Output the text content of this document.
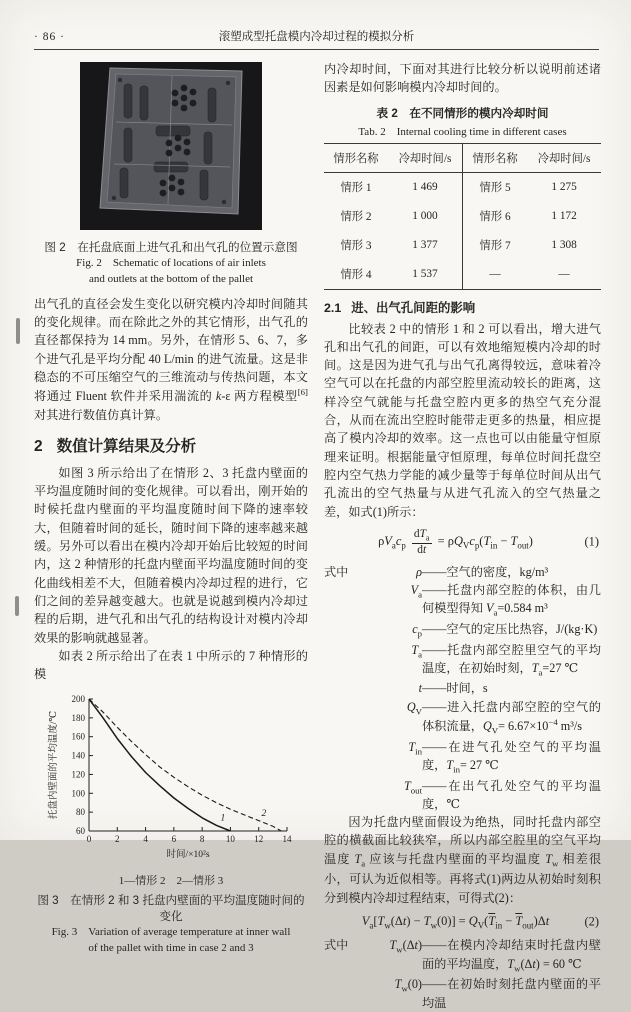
· 86 ·	滚塑成型托盘模内冷却过程的模拟分析

图 2　在托盘底面上进气孔和出气孔的位置示意图

Fig. 2　Schematic of locations of air inlets

and outlets at the bottom of the pallet

出气孔的直径会发生变化以研究模内冷却时间随其的变化规律。而在除此之外的其它情形，出气孔的直径都保持为 14 mm。另外，在情形 5、6、7，多个进气孔是平均分配 40 L/min 的进气流量。这是非稳态的不可压缩空气的三维流动与传热问题，本文将通过 Fluent 软件并采用湍流的 k-ε 两方程模型[6]对其进行数值仿真计算。

2 数值计算结果及分析

如图 3 所示给出了在情形 2、3 托盘内壁面的平均温度随时间的变化规律。可以看出，刚开始的时候托盘内壁面的平均温度随时间下降的速率较大，但随着时间的延长，随时间下降的速率越来越缓。另外可以看出在模内冷却开始后比较短的时间内，这 2 种情形的托盘内壁面平均温度随时间的变化曲线相差不大，但随着模内冷却过程的进行，它们之间的差异越变越大。也就是说越到模内冷却过程的后期，进气孔和出气孔的结构设计对模内冷却效果的影响就越显著。

如表 2 所示给出了在表 1 中所示的 7 种情形的模

60
80
100
120
140
160
180
200
0	2	4	6	8 10 12 14
1	2
时间/×10²s
托盘内壁面的平均温度/℃

1—情形 2　2—情形 3

图 3　在情形 2 和 3 托盘内壁面的平均温度随时间的变化

Fig. 3　Variation of average temperature at inner wall

of the pallet with time in case 2 and 3

内冷却时间，下面对其进行比较分析以说明前述诸因素是如何影响模内冷却时间的。

表 2　在不同情形的模内冷却时间

Tab. 2　Internal cooling time in different cases

情形名称	冷却时间/s	情形名称	冷却时间/s
情形 1	1 469	情形 5	1 275
情形 2	1 000	情形 6	1 172
情形 3	1 377	情形 7	1 308
情形 4	1 537	—	—
2.1 进、出气孔间距的影响

比较表 2 中的情形 1 和 2 可以看出，增大进气孔和出气孔的间距，可以有效地缩短模内冷却的时间。这是因为进气孔与出气孔离得较远，意味着冷空气可以在托盘的内部空腔里流动较长的距离，这样冷空气就能与托盘空腔内更多的热空气充分混合，从而在流出空腔时能带走更多的热量，相应提高了模内冷却的效率。这一点也可以由能量守恒原理来证明。根据能量守恒原理，每单位时间托盘空腔内空气热力学能的减少量等于每单位时间从出气孔流出的空气热量与从进气孔流入的空气热量之差，如式(1)所示：

$\rho V_ac_p \frac{dT_a}{dt} = \rho Q_Vc_p(T_{in} - T_{out})$	(1)
式中	ρ ——空气的密度，kg/m³
$V_a$ ——托盘内部空腔的体积，由几何模型得知 $V_a=0.584$ m³
$c_p$ ——空气的定压比热容，J/(kg·K)
$T_a$ ——托盘内部空腔里空气的平均温度，在初始时刻，$T_a=27$ ℃
t ——时间，s
$Q_V$ ——进入托盘内部空腔的空气的体积流量，$Q_V= 6.67\times 10^{-4}$ m³/s
$T_{in}$ ——在进气孔处空气的平均温度，$T_{in}= 27$ ℃
$T_{out}$ ——在出气孔处空气的平均温度，℃

因为托盘内壁面假设为绝热，同时托盘内部空腔的横截面比较狭窄，所以内部空腔里的空气平均温度 $T_a$ 应该与托盘内壁面的平均温度 $T_w$ 相差很小，可认为近似相等。再将式(1)两边从初始时刻积分到模内冷却过程结束，可得式(2)：

$V_a[T_w(\Delta t) - T_w(0)] = Q_V(\overline{T}_{in} - \overline{T}_{out})\Delta t$	(2)
式中	$T_w(\Delta t)$ ——在模内冷却结束时托盘内壁面的平均温度，$T_w(\Delta t) = 60$ ℃
$T_w(0)$ ——在初始时刻托盘内壁面的平均温
